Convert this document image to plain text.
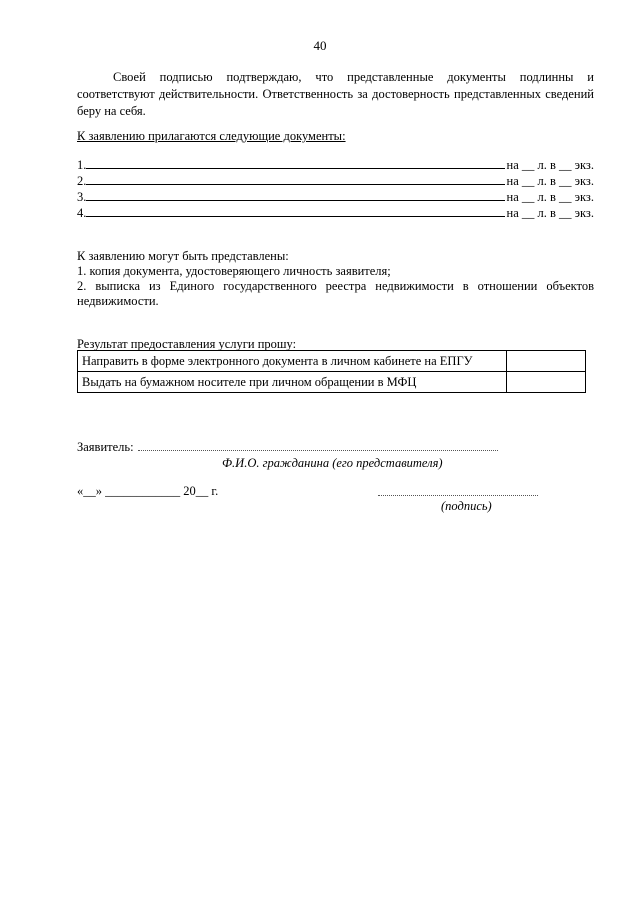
40

Своей подписью подтверждаю, что представленные документы подлинны и соответствуют действительности. Ответственность за достоверность представленных сведений беру на себя.

К заявлению прилагаются следующие документы:
1.	на __ л. в __ экз.
2.	на __ л. в __ экз.
3.	на __ л. в __ экз.
4.	на __ л. в __ экз.
К заявлению могут быть представлены:
1. копия документа, удостоверяющего личность заявителя;
2. выписка из Единого государственного реестра недвижимости в отношении объектов недвижимости.
Результат предоставления услуги прошу:
Направить в форме электронного документа в личном кабинете на ЕПГУ	
Выдать на бумажном носителе при личном обращении в МФЦ	
Заявитель:
Ф.И.О. гражданина (его представителя)
«__» ____________ 20__ г.
(подпись)
